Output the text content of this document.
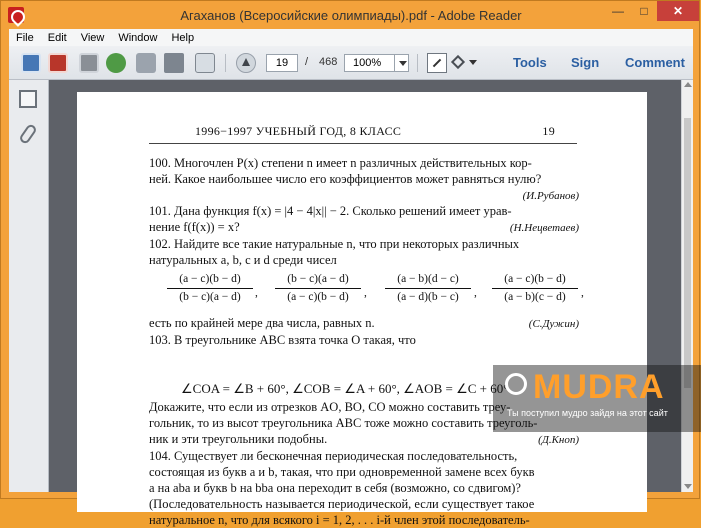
Агаханов (Всеросийские олимпиады).pdf - Adobe Reader	—	□	✕
File	Edit	View	Window	Help
19
/ 468	100%	Tools Sign Comment
1996−1997 УЧЕБНЫЙ ГОД, 8 КЛАСС	19
100. Многочлен P(x) степени n имеет n различных действительных кор-
ней. Какое наибольшее число его коэффициентов может равняться нулю?
(И.Рубанов)
101. Дана функция f(x) = |4 − 4|x|| − 2. Сколько решений имеет урав-
нение f(f(x)) = x?	(Н.Нецветаев)
102. Найдите все такие натуральные n, что при некоторых различных
натуральных a, b, c и d среди чисел
(a − c)(b − d)
(b − c)(a − d)	,
(b − c)(a − d)
(a − c)(b − d)	,
(a − b)(d − c)
(a − d)(b − c)	,
(a − c)(b − d)
(a − b)(c − d)	,
есть по крайней мере два числа, равных n.	(С.Дужин)
103. В треугольнике ABC взята точка O такая, что
∠COA = ∠B + 60°, ∠COB = ∠A + 60°, ∠AOB = ∠C + 60°.
Докажите, что если из отрезков AO, BO, CO можно составить треу-
гольник, то из высот треугольника ABC тоже можно составить треуголь-
ник и эти треугольники подобны.	(Д.Кноп)
104. Существует ли бесконечная периодическая последовательность,
состоящая из букв a и b, такая, что при одновременной замене всех букв
a на aba и букв b на bba она переходит в себя (возможно, со сдвигом)?
(Последовательность называется периодической, если существует такое
натуральное n, что для всякого i = 1, 2, . . . i-й член этой последователь-
MUDRA
Ты поступил мудро зайдя на этот сайт
